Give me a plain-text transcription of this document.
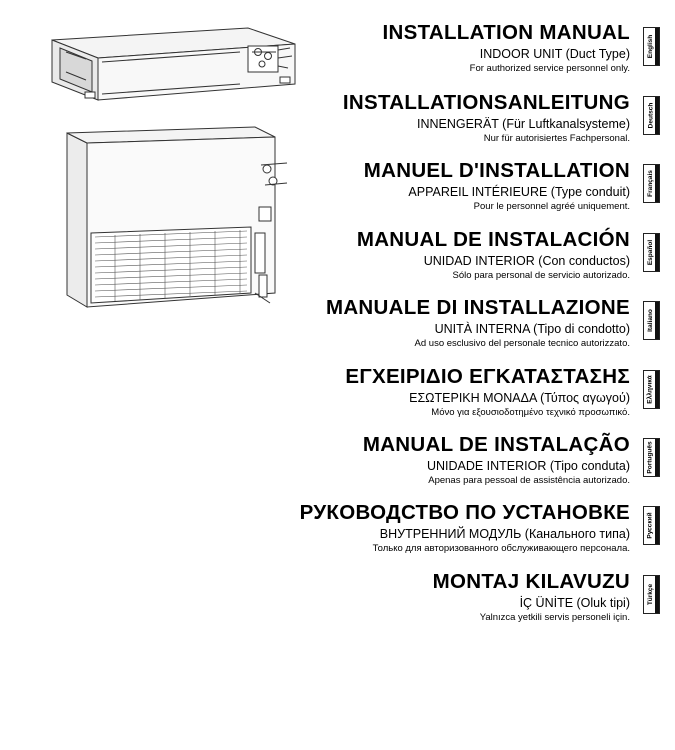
INSTALLATION MANUAL
INDOOR UNIT (Duct Type)
For authorized service personnel only.
INSTALLATIONSANLEITUNG
INNENGERÄT (Für Luftkanalsysteme)
Nur für autorisiertes Fachpersonal.
MANUEL D'INSTALLATION
APPAREIL INTÉRIEURE (Type conduit)
Pour le personnel agréé uniquement.
MANUAL DE INSTALACIÓN
UNIDAD INTERIOR (Con conductos)
Sólo para personal de servicio autorizado.
MANUALE DI INSTALLAZIONE
UNITÀ INTERNA (Tipo di condotto)
Ad uso esclusivo del personale tecnico autorizzato.
ΕΓΧΕΙΡΙΔΙΟ ΕΓΚΑΤΑΣΤΑΣΗΣ
ΕΣΩΤΕΡΙΚΗ ΜΟΝΑΔΑ (Τύπος αγωγού)
Μόνο για εξουσιοδοτημένο τεχνικό προσωπικό.
MANUAL DE INSTALAÇÃO
UNIDADE INTERIOR (Tipo conduta)
Apenas para pessoal de assistência autorizado.
РУКОВОДСТВО ПО УСТАНОВКЕ
ВНУТРЕННИЙ МОДУЛЬ (Канального типа)
Только для авторизованного обслуживающего персонала.
MONTAJ KILAVUZU
İÇ ÜNİTE (Oluk tipi)
Yalnızca yetkili servis personeli için.
English
Deutsch
Français
Español
Italiano
Ελληνικά
Português
Русский
Türkçe
